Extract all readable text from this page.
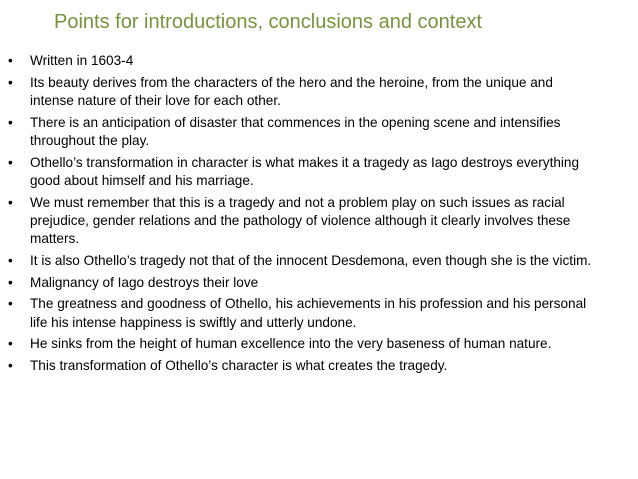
Points for introductions, conclusions and context
•	Written in 1603-4
•	Its beauty derives from the characters of the hero and the heroine, from the unique and intense nature of their love for each other.
•	There is an anticipation of disaster that commences in the opening scene and intensifies throughout the play.
•	Othello’s transformation in character is what makes it a tragedy as Iago destroys everything good about himself and his marriage.
•	We must remember that this is a tragedy and not a problem play on such issues as racial prejudice, gender relations and the pathology of violence although it clearly involves these matters.
•	It is also Othello’s tragedy not that of the innocent Desdemona, even though she is the victim.
•	Malignancy of Iago destroys their love
•	The greatness and goodness of Othello, his achievements in his profession and his personal life his intense happiness is swiftly and utterly undone.
•	He sinks from the height of human excellence into the very baseness of human nature.
•	This transformation of Othello’s character is what creates the tragedy.
